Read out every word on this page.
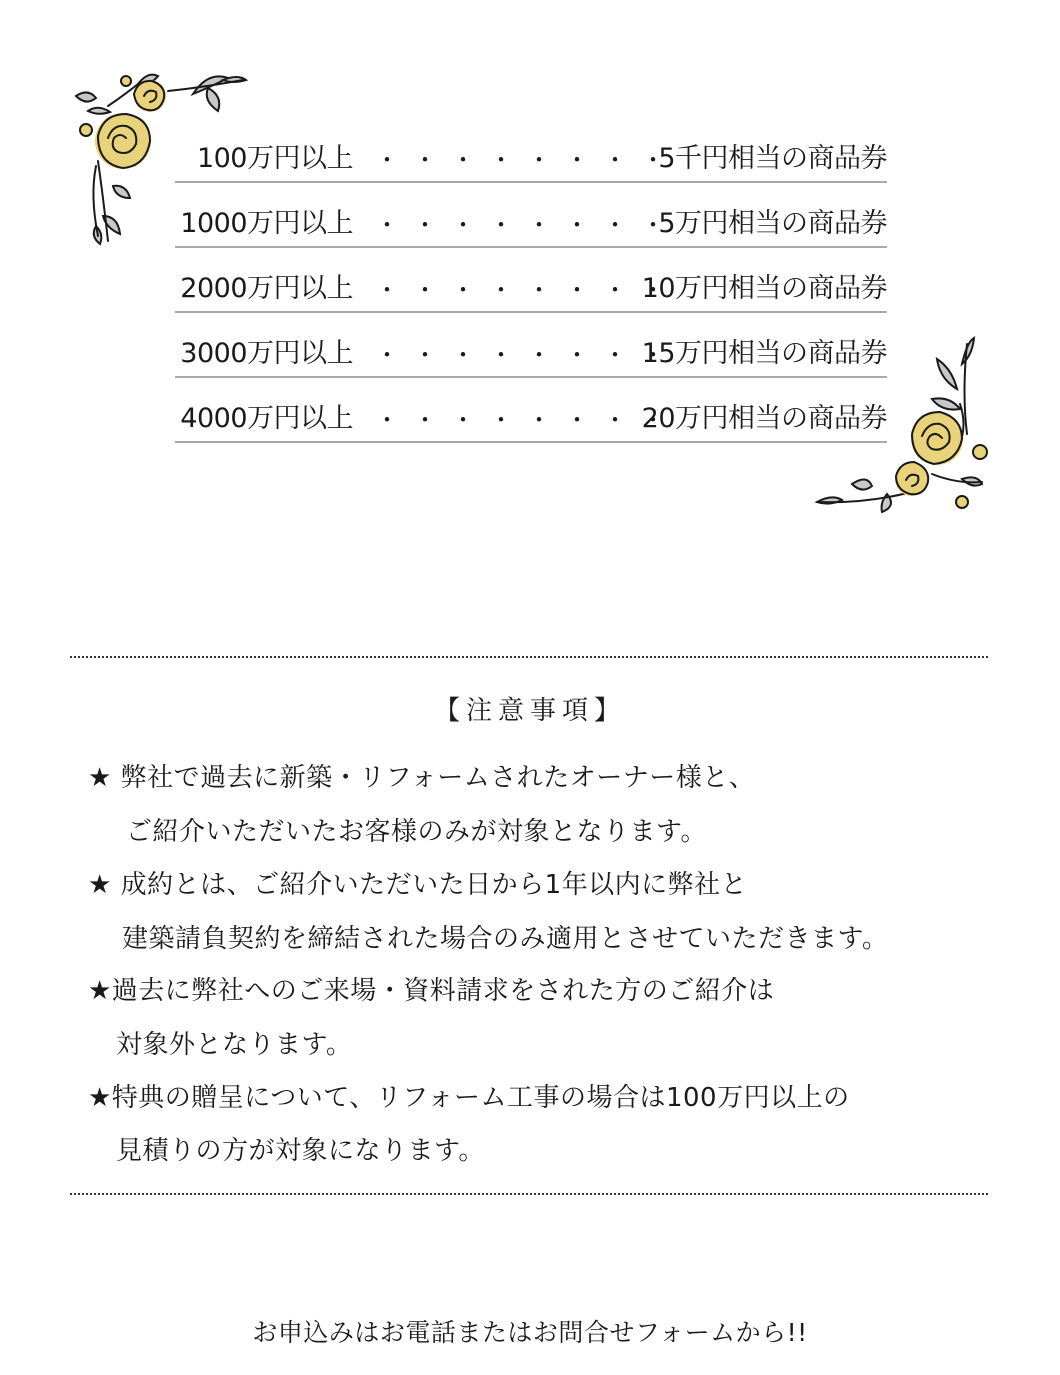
100万円以上 ・・・・・・・・
5千円相当の商品券
1000万円以上 ・・・・・・・・
5万円相当の商品券
2000万円以上 ・・・・・・・・
10万円相当の商品券
3000万円以上 ・・・・・・・・
15万円相当の商品券
4000万円以上 ・・・・・・・・
20万円相当の商品券
【注意事項】
★ 弊社で過去に新築・リフォームされたオーナー様と、
ご紹介いただいたお客様のみが対象となります。
★ 成約とは、ご紹介いただいた日から1年以内に弊社と
建築請負契約を締結された場合のみ適用とさせていただきます。
★過去に弊社へのご来場・資料請求をされた方のご紹介は
対象外となります。
★特典の贈呈について、リフォーム工事の場合は100万円以上の
見積りの方が対象になります。
お申込みはお電話またはお問合せフォームから!!
